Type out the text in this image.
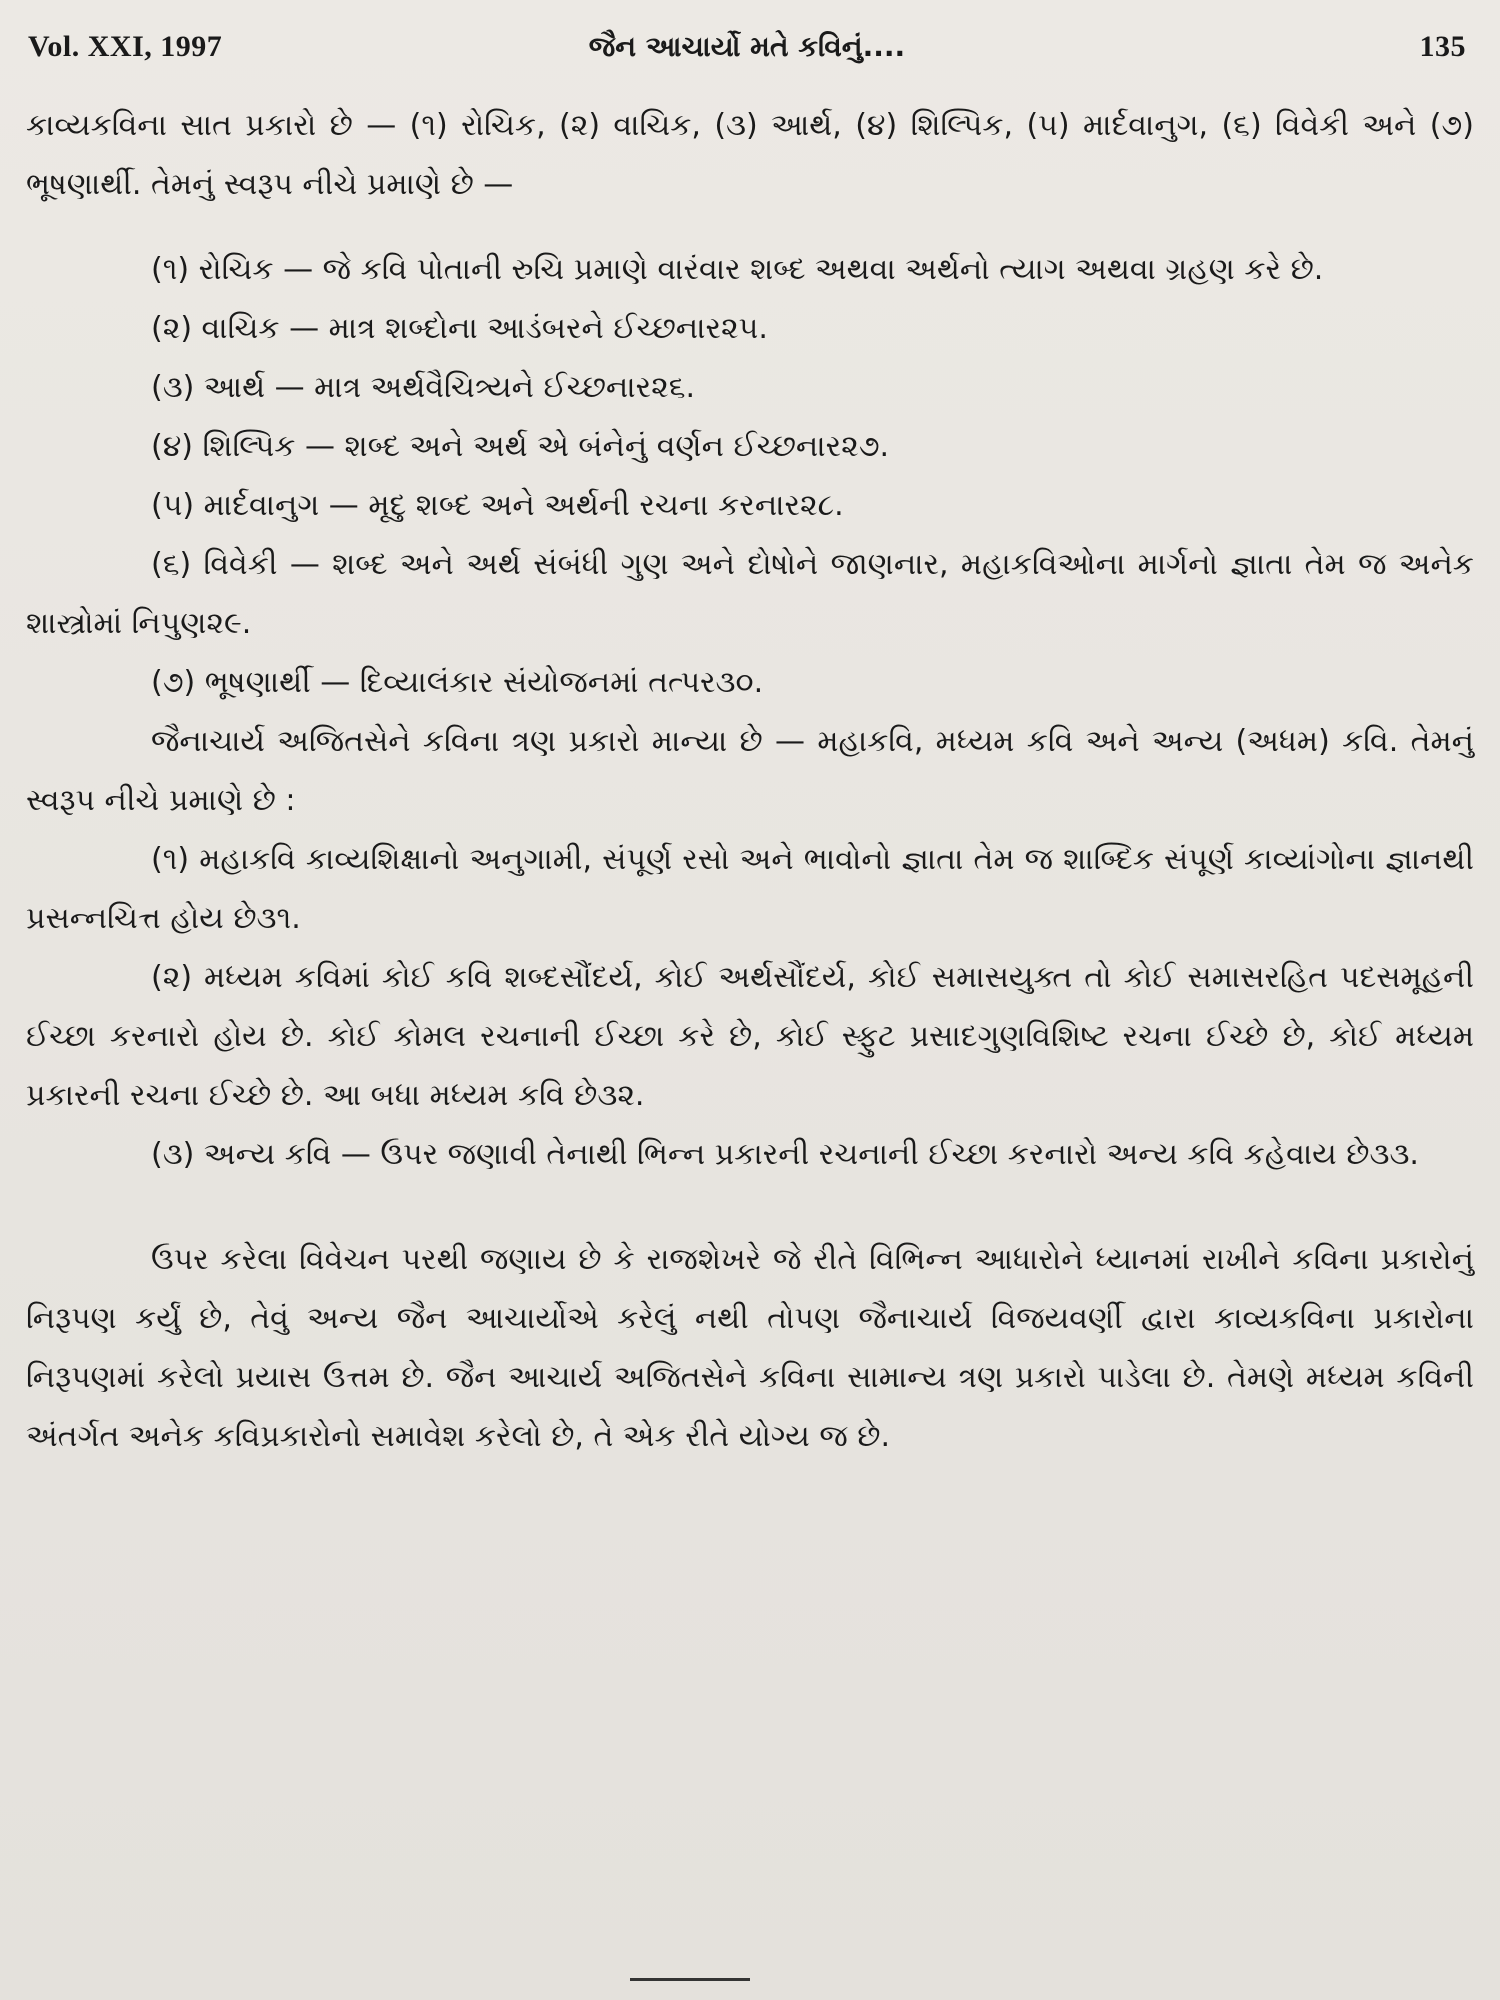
Vol. XXI, 1997	જૈન આચાર્યો મતે કવિનું....	135

કાવ્યકવિના સાત પ્રકારો છે — (૧) રોચિક, (૨) વાચિક, (૩) આર્થ, (૪) શિલ્પિક, (૫) માર્દવાનુગ, (૬) વિવેકી અને (૭) ભૂષણાર્થી. તેમનું સ્વરૂપ નીચે પ્રમાણે છે —

(૧) રોચિક — જે કવિ પોતાની રુચિ પ્રમાણે વારંવાર શબ્દ અથવા અર્થનો ત્યાગ અથવા ગ્રહણ કરે છે.

(૨) વાચિક — માત્ર શબ્દોના આડંબરને ઈચ્છનાર૨૫.

(૩) આર્થ — માત્ર અર્થવૈચિત્ર્યને ઈચ્છનાર૨૬.

(૪) શિલ્પિક — શબ્દ અને અર્થ એ બંનેનું વર્ણન ઈચ્છનાર૨૭.

(૫) માર્દવાનુગ — મૃદુ શબ્દ અને અર્થની રચના કરનાર૨૮.

(૬) વિવેકી — શબ્દ અને અર્થ સંબંધી ગુણ અને દોષોને જાણનાર, મહાકવિઓના માર્ગનો જ્ઞાતા તેમ જ અનેક શાસ્ત્રોમાં નિપુણ૨૯.

(૭) ભૂષણાર્થી — દિવ્યાલંકાર સંયોજનમાં તત્પર૩૦.

જૈનાચાર્ય અજિતસેને કવિના ત્રણ પ્રકારો માન્યા છે — મહાકવિ, મધ્યમ કવિ અને અન્ય (અધમ) કવિ. તેમનું સ્વરૂપ નીચે પ્રમાણે છે :

(૧) મહાકવિ કાવ્યશિક્ષાનો અનુગામી, સંપૂર્ણ રસો અને ભાવોનો જ્ઞાતા તેમ જ શાબ્દિક સંપૂર્ણ કાવ્યાંગોના જ્ઞાનથી પ્રસન્નચિત્ત હોય છે૩૧.

(૨) મધ્યમ કવિમાં કોઈ કવિ શબ્દસૌંદર્ય, કોઈ અર્થસૌંદર્ય, કોઈ સમાસયુક્ત તો કોઈ સમાસરહિત પદસમૂહની ઈચ્છા કરનારો હોય છે. કોઈ કોમલ રચનાની ઈચ્છા કરે છે, કોઈ સ્ફુટ પ્રસાદગુણવિશિષ્ટ રચના ઈચ્છે છે, કોઈ મધ્યમ પ્રકારની રચના ઈચ્છે છે. આ બધા મધ્યમ કવિ છે૩૨.

(૩) અન્ય કવિ — ઉપર જણાવી તેનાથી ભિન્ન પ્રકારની રચનાની ઈચ્છા કરનારો અન્ય કવિ કહેવાય છે૩૩.

ઉપર કરેલા વિવેચન પરથી જણાય છે કે રાજશેખરે જે રીતે વિભિન્ન આધારોને ધ્યાનમાં રાખીને કવિના પ્રકારોનું નિરૂપણ કર્યું છે, તેવું અન્ય જૈન આચાર્યોએ કરેલું નથી તોપણ જૈનાચાર્ય વિજયવર્ણી દ્વારા કાવ્યકવિના પ્રકારોના નિરૂપણમાં કરેલો પ્રયાસ ઉત્તમ છે. જૈન આચાર્ય અજિતસેને કવિના સામાન્ય ત્રણ પ્રકારો પાડેલા છે. તેમણે મધ્યમ કવિની અંતર્ગત અનેક કવિપ્રકારોનો સમાવેશ કરેલો છે, તે એક રીતે યોગ્ય જ છે.
